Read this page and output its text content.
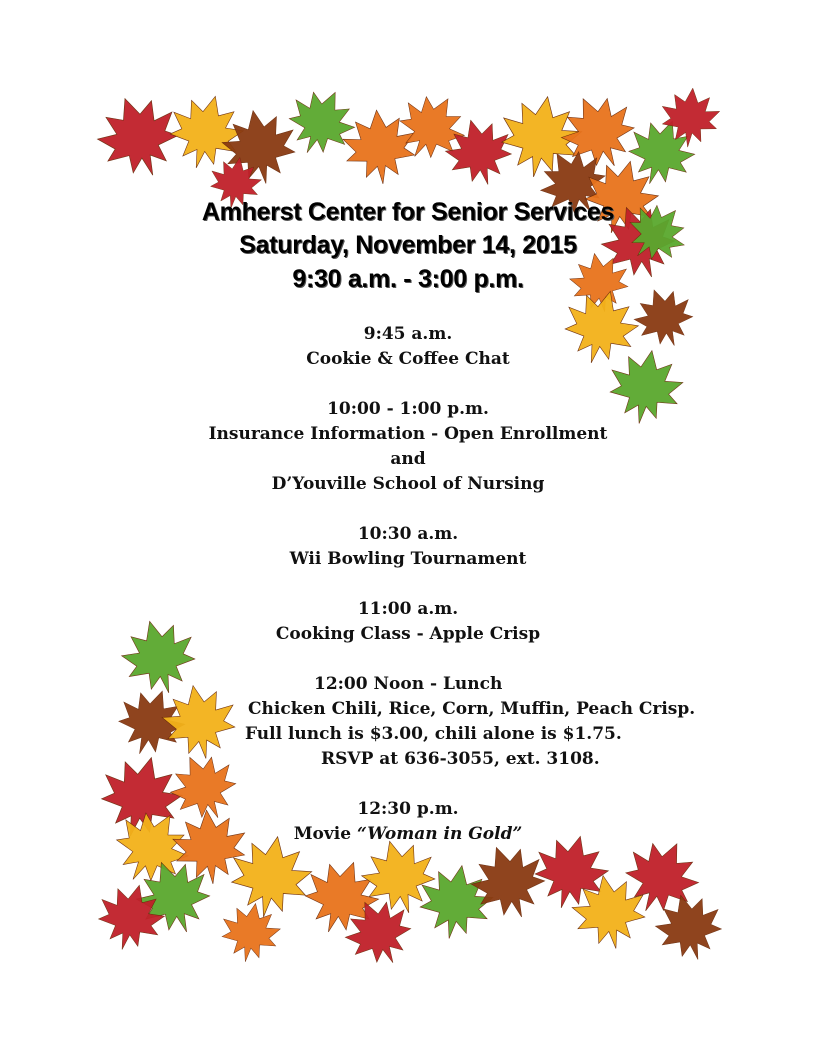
Amherst Center for Senior Services
Saturday, November 14, 2015
9:30 a.m. - 3:00 p.m.
9:45 a.m.
Cookie & Coffee Chat
10:00 - 1:00 p.m.
Insurance Information - Open Enrollment
and
D’Youville School of Nursing
10:30 a.m.
Wii Bowling Tournament
11:00 a.m.
Cooking Class - Apple Crisp
12:00 Noon - Lunch
Chicken Chili, Rice, Corn, Muffin, Peach Crisp.
Full lunch is $3.00, chili alone is $1.75.
RSVP at 636-3055, ext. 3108.
12:30 p.m.
Movie “Woman in Gold”
